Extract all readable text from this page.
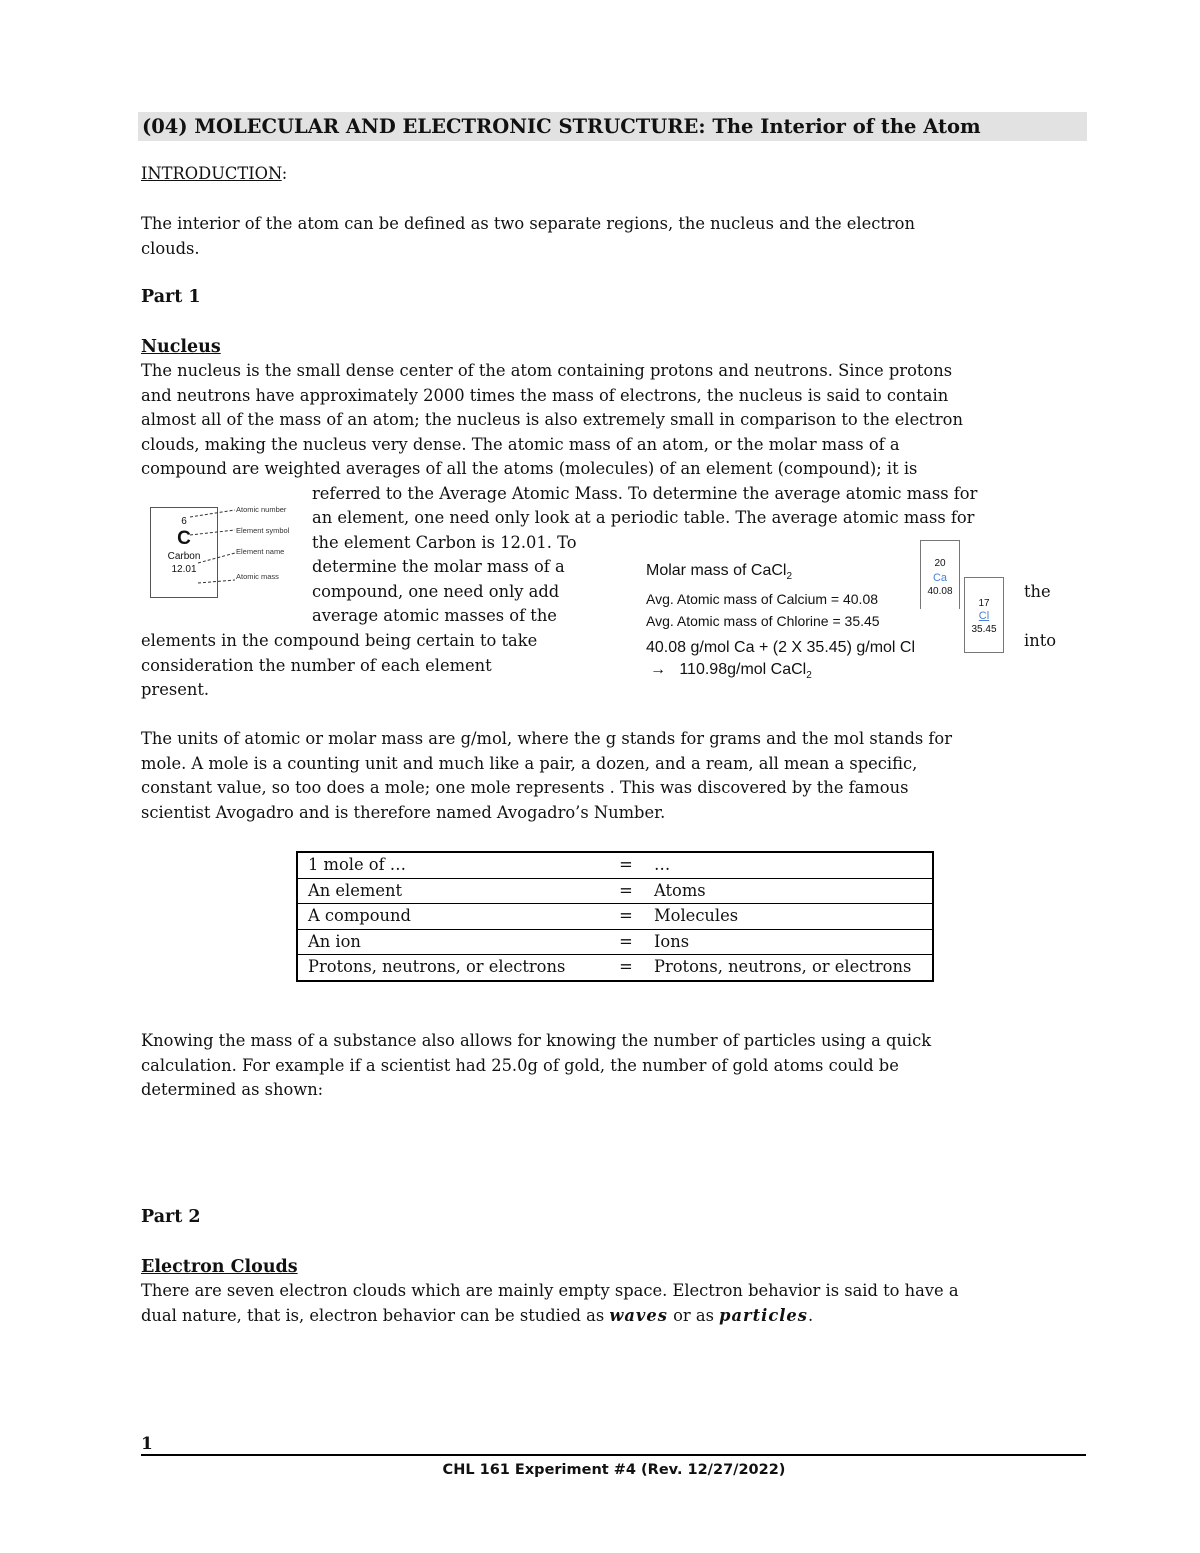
(04) MOLECULAR AND ELECTRONIC STRUCTURE: The Interior of the Atom
INTRODUCTION:
The interior of the atom can be defined as two separate regions, the nucleus and the electron
clouds.
Part 1
Nucleus
The nucleus is the small dense center of the atom containing protons and neutrons. Since protons
and neutrons have approximately 2000 times the mass of electrons, the nucleus is said to contain
almost all of the mass of an atom; the nucleus is also extremely small in comparison to the electron
clouds, making the nucleus very dense. The atomic mass of an atom, or the molar mass of a
compound are weighted averages of all the atoms (molecules) of an element (compound); it is
referred to the Average Atomic Mass. To determine the average atomic mass for
an element, one need only look at a periodic table. The average atomic mass for
the element Carbon is 12.01. To
determine the molar mass of a
compound, one need only add
average atomic masses of the
the
into
elements in the compound being certain to take
consideration the number of each element
present.
6
C
Carbon
12.01
Atomic number
Element symbol
Element name
Atomic mass	Molar mass of CaCl$_2$
Avg. Atomic mass of Calcium = 40.08
Avg. Atomic mass of Chlorine = 35.45
40.08 g/mol Ca + (2 X 35.45) g/mol Cl
→ 110.98g/mol CaCl$_2$
20
Ca
40.08
17
Cl
35.45
The units of atomic or molar mass are g/mol, where the g stands for grams and the mol stands for
mole. A mole is a counting unit and much like a pair, a dozen, and a ream, all mean a specific,
constant value, so too does a mole; one mole represents . This was discovered by the famous
scientist Avogadro and is therefore named Avogadro’s Number.
1 mole of …	=	…
An element	=	Atoms
A compound	=	Molecules
An ion	=	Ions
Protons, neutrons, or electrons	=	Protons, neutrons, or electrons
Knowing the mass of a substance also allows for knowing the number of particles using a quick
calculation. For example if a scientist had 25.0g of gold, the number of gold atoms could be
determined as shown:
Part 2
Electron Clouds
There are seven electron clouds which are mainly empty space. Electron behavior is said to have a
dual nature, that is, electron behavior can be studied as waves or as particles.
1
CHL 161 Experiment #4 (Rev. 12/27/2022)
